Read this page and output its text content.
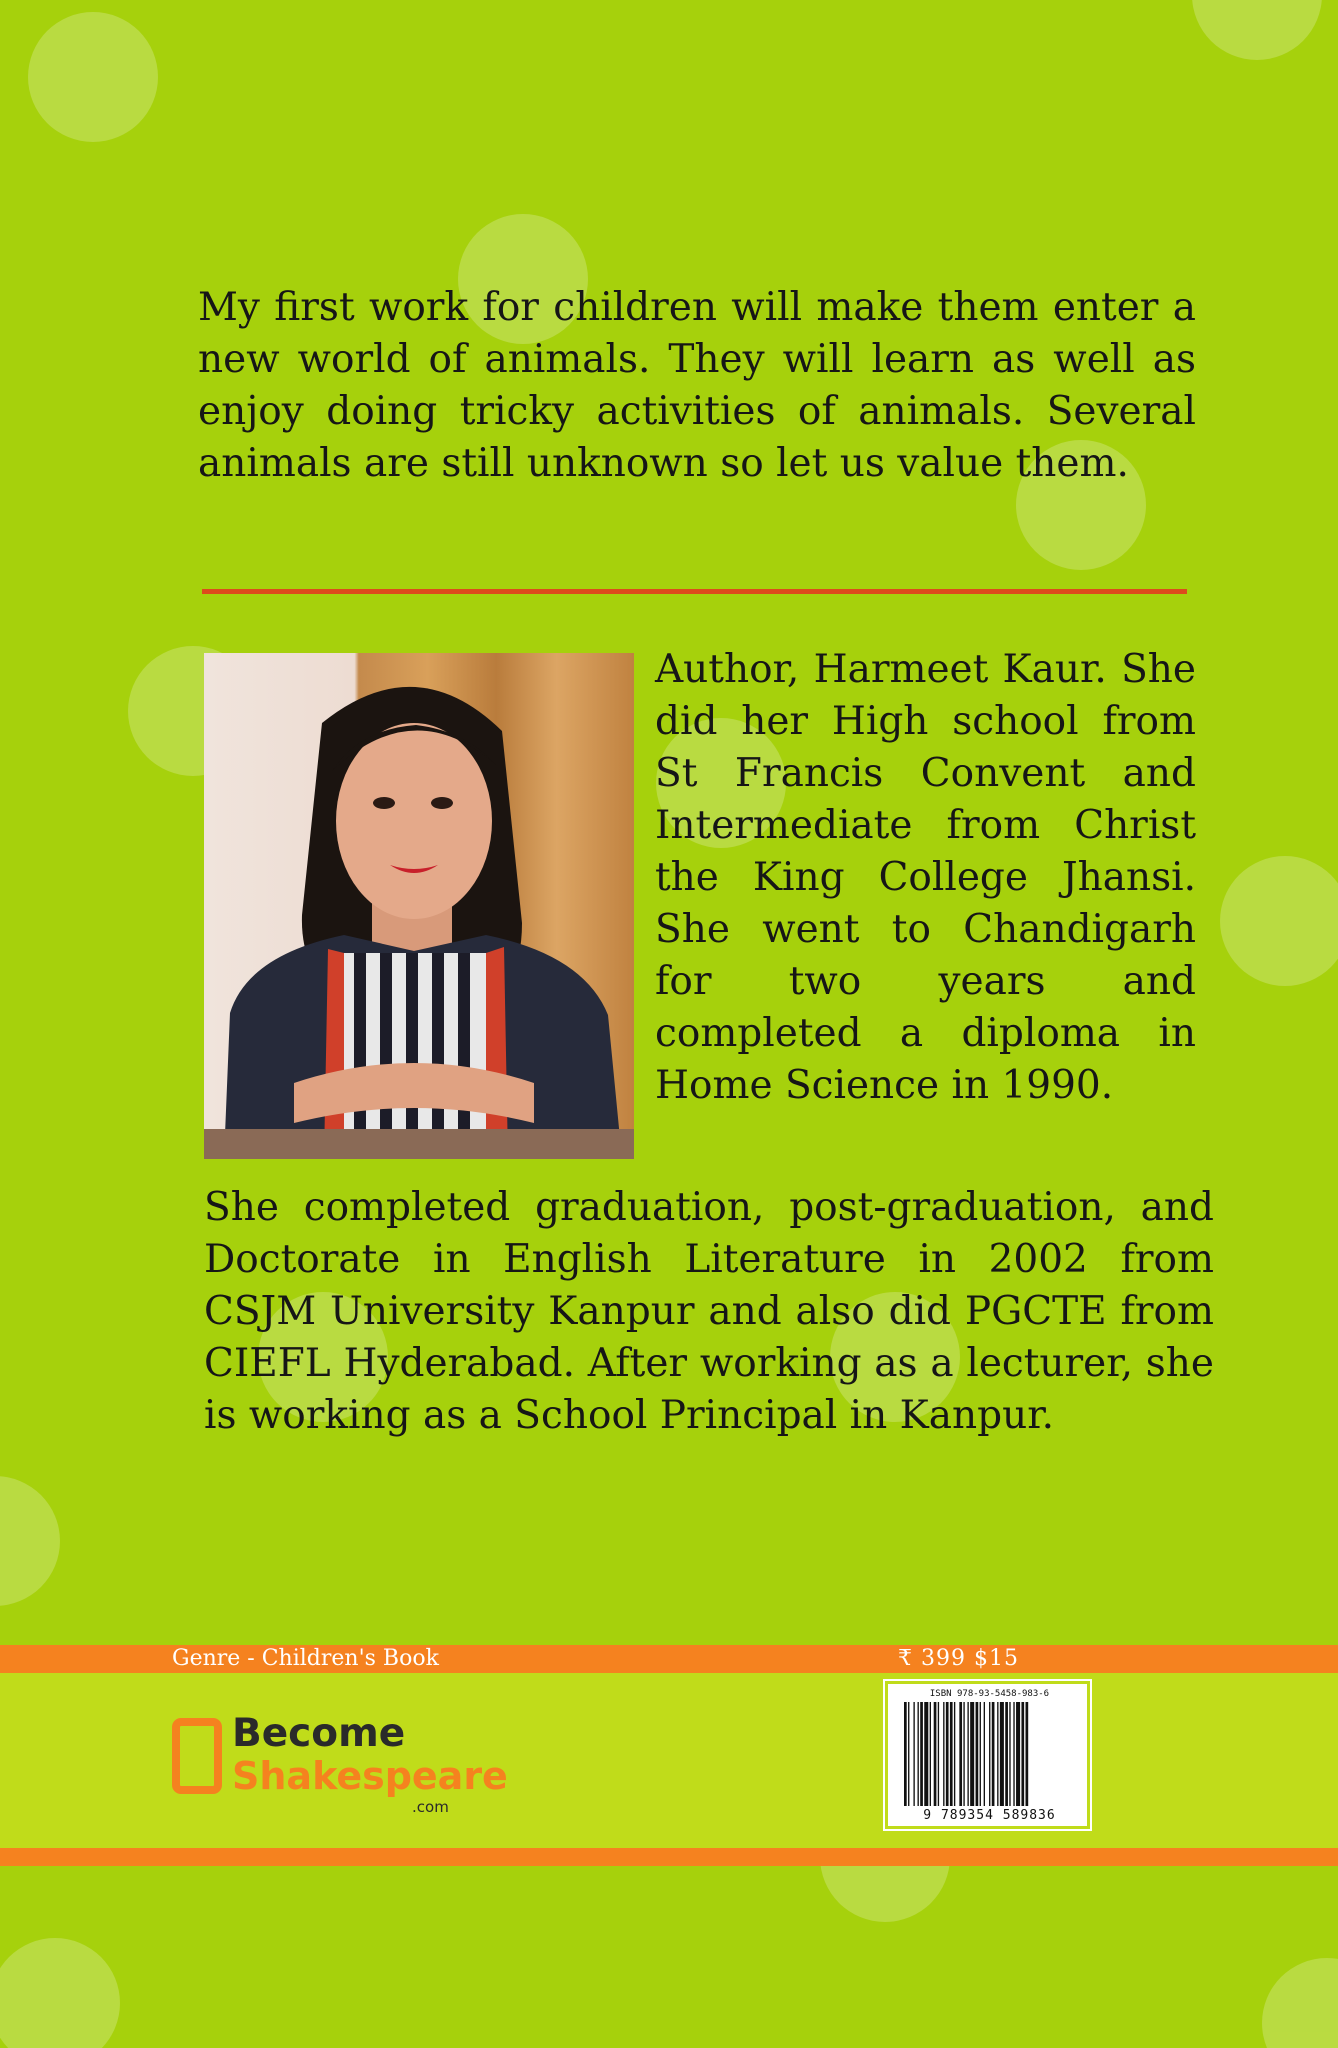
My first work for children will make them enter a new world of animals. They will learn as well as enjoy doing tricky activities of animals. Several animals are still unknown so let us value them.

Author, Harmeet Kaur. She did her High school from St Francis Convent and Intermediate from Christ the King College Jhansi. She went to Chandigarh for two years and completed a diploma in Home Science in 1990.

She completed graduation, post-graduation, and Doctorate in English Literature in 2002 from CSJM University Kanpur and also did PGCTE from CIEFL Hyderabad. After working as a lecturer, she is working as a School Principal in Kanpur.

Genre - Children's Book	₹ 399 $15
Become
Shakespeare
.com
ISBN 978-93-5458-983-6
9 789354 589836
